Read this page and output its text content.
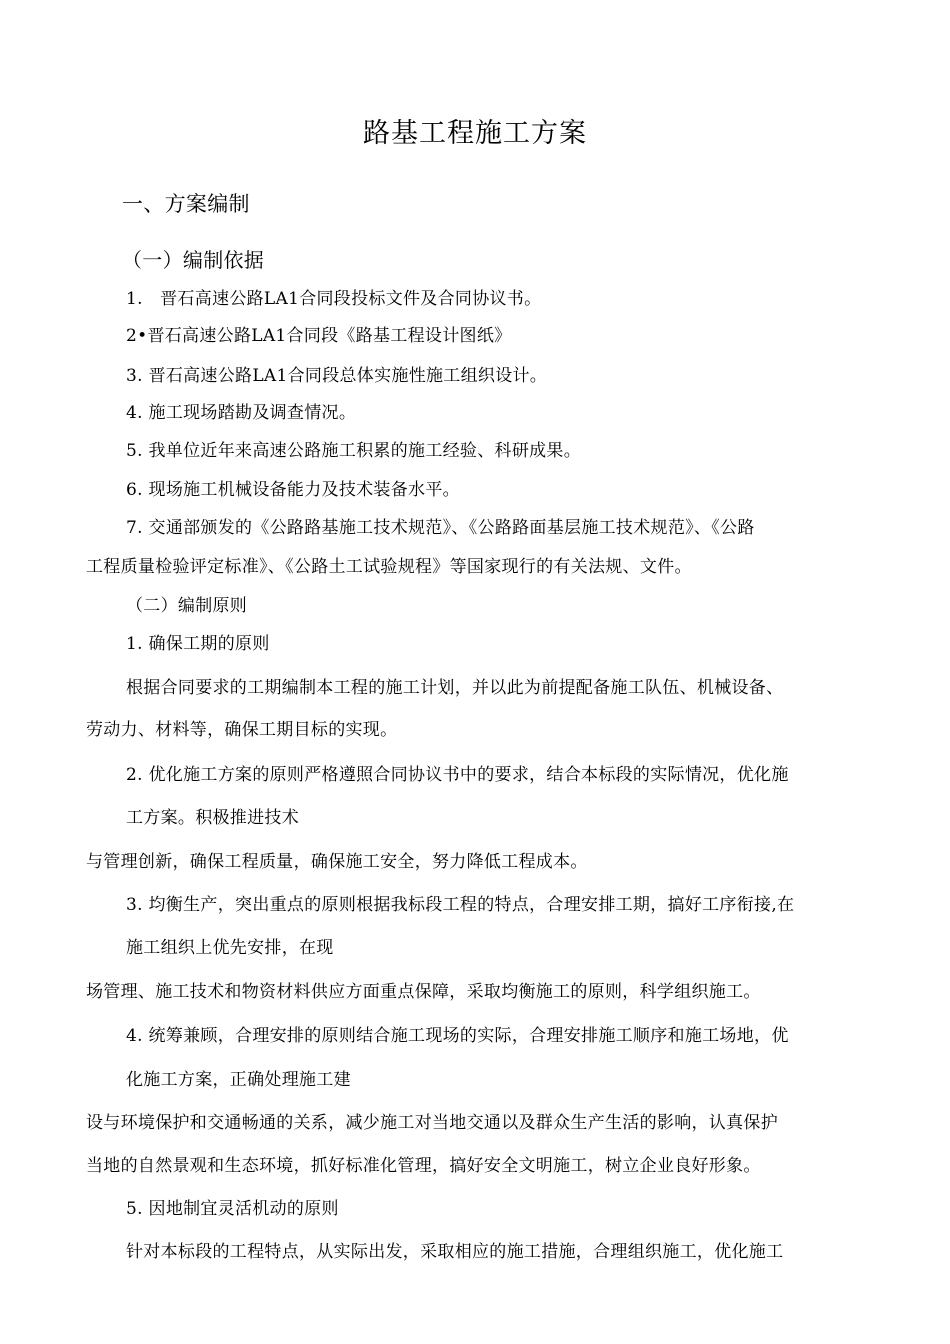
路基工程施工方案
一、方案编制
（一）编制依据
1.　晋石高速公路LA1合同段投标文件及合同协议书。
2•晋石高速公路LA1合同段《路基工程设计图纸》
3. 晋石高速公路LA1合同段总体实施性施工组织设计。
4. 施工现场踏勘及调查情况。
5. 我单位近年来高速公路施工积累的施工经验、科研成果。
6. 现场施工机械设备能力及技术装备水平。
7. 交通部颁发的《公路路基施工技术规范》、《公路路面基层施工技术规范》、《公路
工程质量检验评定标准》、《公路土工试验规程》等国家现行的有关法规、文件。
（二）编制原则
1. 确保工期的原则
根据合同要求的工期编制本工程的施工计划，并以此为前提配备施工队伍、机械设备、
劳动力、材料等，确保工期目标的实现。
2. 优化施工方案的原则严格遵照合同协议书中的要求，结合本标段的实际情况，优化施
工方案。积极推进技术
与管理创新，确保工程质量，确保施工安全，努力降低工程成本。
3. 均衡生产，突出重点的原则根据我标段工程的特点，合理安排工期，搞好工序衔接,在
施工组织上优先安排，在现
场管理、施工技术和物资材料供应方面重点保障，采取均衡施工的原则，科学组织施工。
4. 统筹兼顾，合理安排的原则结合施工现场的实际，合理安排施工顺序和施工场地，优
化施工方案，正确处理施工建
设与环境保护和交通畅通的关系，减少施工对当地交通以及群众生产生活的影响，认真保护
当地的自然景观和生态环境，抓好标准化管理，搞好安全文明施工，树立企业良好形象。
5. 因地制宜灵活机动的原则
针对本标段的工程特点，从实际出发，采取相应的施工措施，合理组织施工，优化施工
